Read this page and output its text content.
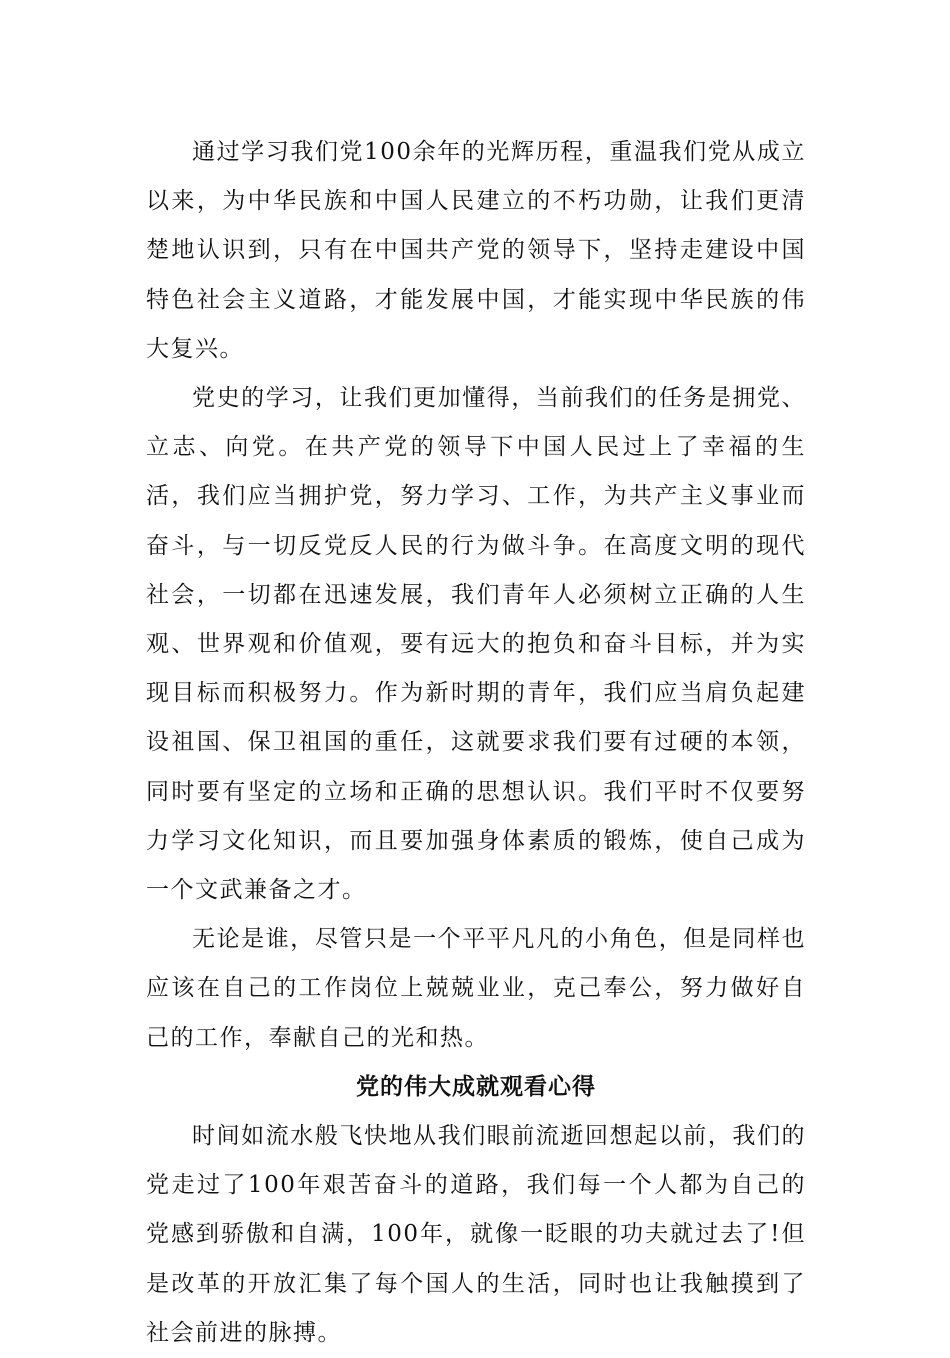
通过学习我们党100余年的光辉历程，重温我们党从成立以来，为中华民族和中国人民建立的不朽功勋，让我们更清楚地认识到，只有在中国共产党的领导下，坚持走建设中国特色社会主义道路，才能发展中国，才能实现中华民族的伟大复兴。

党史的学习，让我们更加懂得，当前我们的任务是拥党、立志、向党。在共产党的领导下中国人民过上了幸福的生活，我们应当拥护党，努力学习、工作，为共产主义事业而奋斗，与一切反党反人民的行为做斗争。在高度文明的现代社会，一切都在迅速发展，我们青年人必须树立正确的人生观、世界观和价值观，要有远大的抱负和奋斗目标，并为实现目标而积极努力。作为新时期的青年，我们应当肩负起建设祖国、保卫祖国的重任，这就要求我们要有过硬的本领，同时要有坚定的立场和正确的思想认识。我们平时不仅要努力学习文化知识，而且要加强身体素质的锻炼，使自己成为一个文武兼备之才。

无论是谁，尽管只是一个平平凡凡的小角色，但是同样也应该在自己的工作岗位上兢兢业业，克己奉公，努力做好自己的工作，奉献自己的光和热。

党的伟大成就观看心得

时间如流水般飞快地从我们眼前流逝回想起以前，我们的党走过了100年艰苦奋斗的道路，我们每一个人都为自己的党感到骄傲和自满，100年，就像一眨眼的功夫就过去了!但是改革的开放汇集了每个国人的生活，同时也让我触摸到了社会前进的脉搏。
